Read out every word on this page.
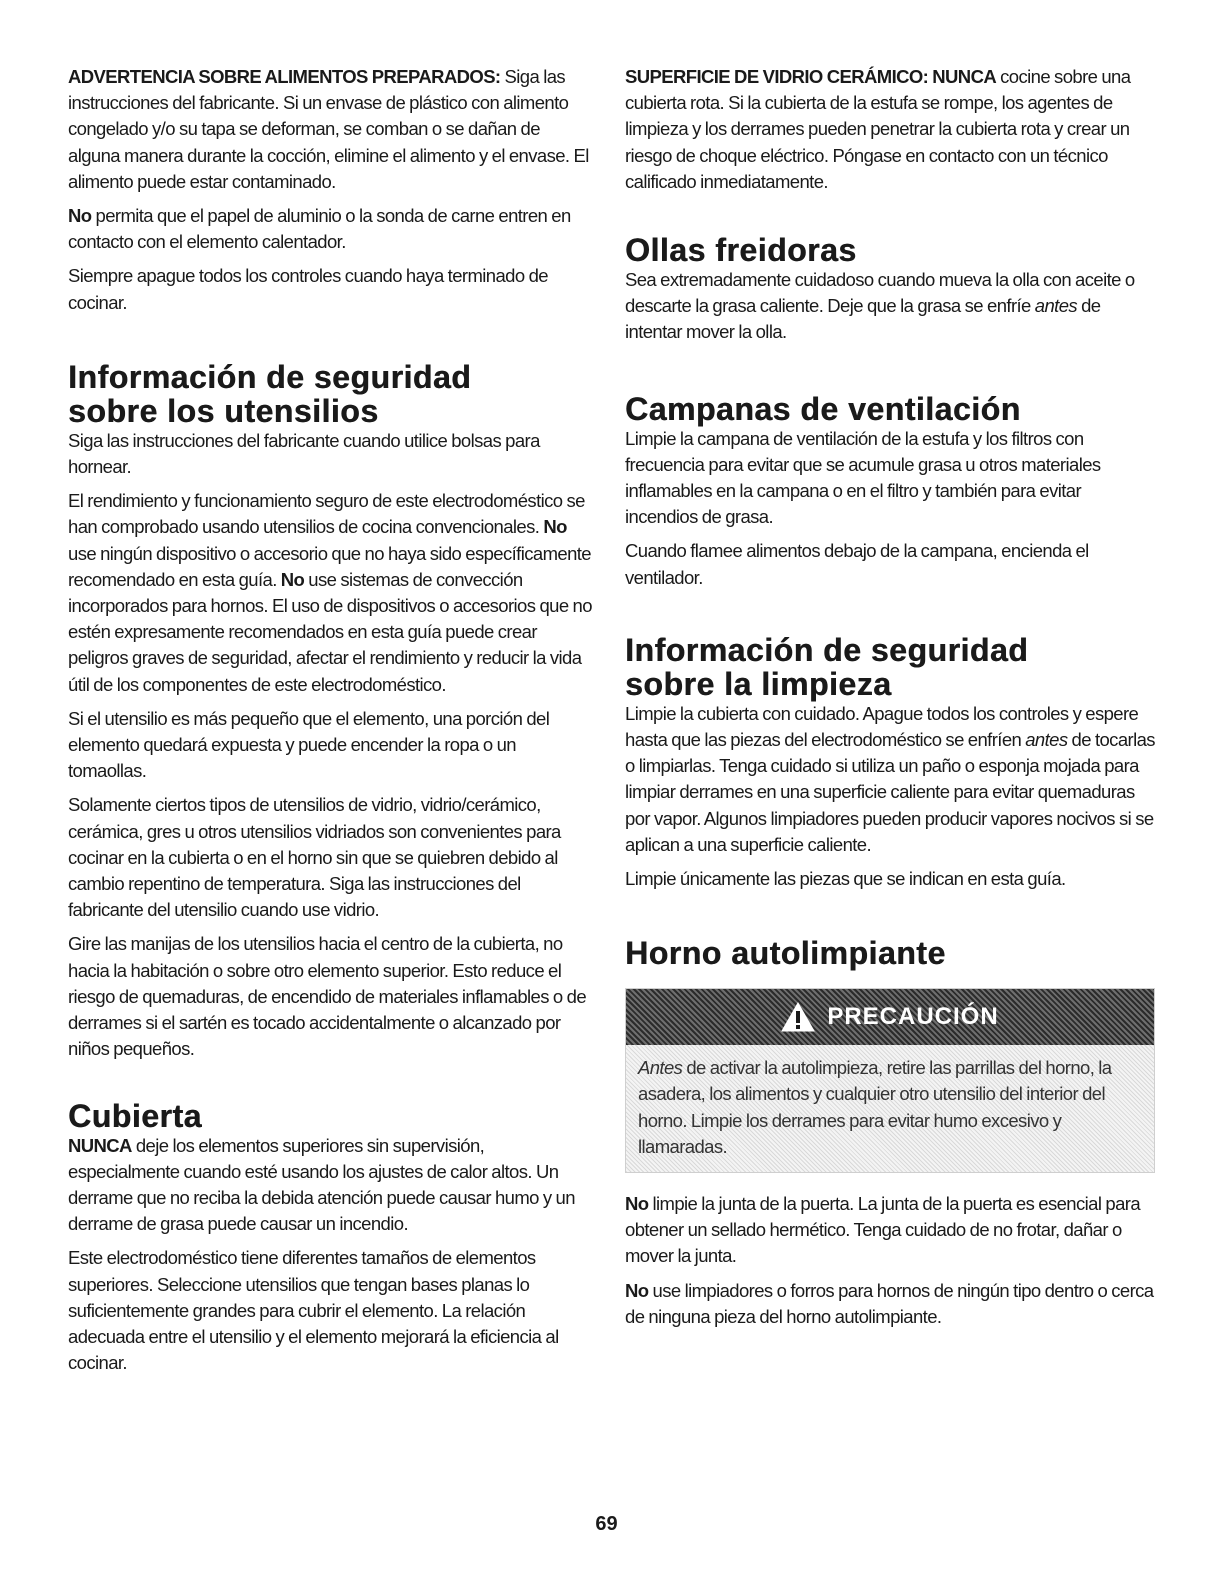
ADVERTENCIA SOBRE ALIMENTOS PREPARADOS: Siga las instrucciones del fabricante. Si un envase de plástico con alimento congelado y/o su tapa se deforman, se comban o se dañan de alguna manera durante la cocción, elimine el alimento y el envase. El alimento puede estar contaminado.

No permita que el papel de aluminio o la sonda de carne entren en contacto con el elemento calentador.

Siempre apague todos los controles cuando haya terminado de cocinar.

Información de seguridad
sobre los utensilios

Siga las instrucciones del fabricante cuando utilice bolsas para hornear.

El rendimiento y funcionamiento seguro de este electrodoméstico se han comprobado usando utensilios de cocina convencionales. No use ningún dispositivo o accesorio que no haya sido específicamente recomendado en esta guía. No use sistemas de convección incorporados para hornos. El uso de dispositivos o accesorios que no estén expresamente recomendados en esta guía puede crear peligros graves de seguridad, afectar el rendimiento y reducir la vida útil de los componentes de este electrodoméstico.

Si el utensilio es más pequeño que el elemento, una porción del elemento quedará expuesta y puede encender la ropa o un tomaollas.

Solamente ciertos tipos de utensilios de vidrio, vidrio/cerámico, cerámica, gres u otros utensilios vidriados son convenientes para cocinar en la cubierta o en el horno sin que se quiebren debido al cambio repentino de temperatura. Siga las instrucciones del fabricante del utensilio cuando use vidrio.

Gire las manijas de los utensilios hacia el centro de la cubierta, no hacia la habitación o sobre otro elemento superior. Esto reduce el riesgo de quemaduras, de encendido de materiales inflamables o de derrames si el sartén es tocado accidentalmente o alcanzado por niños pequeños.

Cubierta

NUNCA deje los elementos superiores sin supervisión, especialmente cuando esté usando los ajustes de calor altos. Un derrame que no reciba la debida atención puede causar humo y un derrame de grasa puede causar un incendio.

Este electrodoméstico tiene diferentes tamaños de elementos superiores. Seleccione utensilios que tengan bases planas lo suficientemente grandes para cubrir el elemento. La relación adecuada entre el utensilio y el elemento mejorará la eficiencia al cocinar.

SUPERFICIE DE VIDRIO CERÁMICO: NUNCA cocine sobre una cubierta rota. Si la cubierta de la estufa se rompe, los agentes de limpieza y los derrames pueden penetrar la cubierta rota y crear un riesgo de choque eléctrico. Póngase en contacto con un técnico calificado inmediatamente.

Ollas freidoras

Sea extremadamente cuidadoso cuando mueva la olla con aceite o descarte la grasa caliente. Deje que la grasa se enfríe antes de intentar mover la olla.

Campanas de ventilación

Limpie la campana de ventilación de la estufa y los filtros con frecuencia para evitar que se acumule grasa u otros materiales inflamables en la campana o en el filtro y también para evitar incendios de grasa.

Cuando flamee alimentos debajo de la campana, encienda el ventilador.

Información de seguridad
sobre la limpieza

Limpie la cubierta con cuidado. Apague todos los controles y espere hasta que las piezas del electrodoméstico se enfríen antes de tocarlas o limpiarlas. Tenga cuidado si utiliza un paño o esponja mojada para limpiar derrames en una superficie caliente para evitar quemaduras por vapor. Algunos limpiadores pueden producir vapores nocivos si se aplican a una superficie caliente.

Limpie únicamente las piezas que se indican en esta guía.

Horno autolimpiante
PRECAUCIÓN
Antes de activar la autolimpieza, retire las parrillas del horno, la asadera, los alimentos y cualquier otro utensilio del interior del horno. Limpie los derrames para evitar humo excesivo y llamaradas.

No limpie la junta de la puerta. La junta de la puerta es esencial para obtener un sellado hermético. Tenga cuidado de no frotar, dañar o mover la junta.

No use limpiadores o forros para hornos de ningún tipo dentro o cerca de ninguna pieza del horno autolimpiante.

69
